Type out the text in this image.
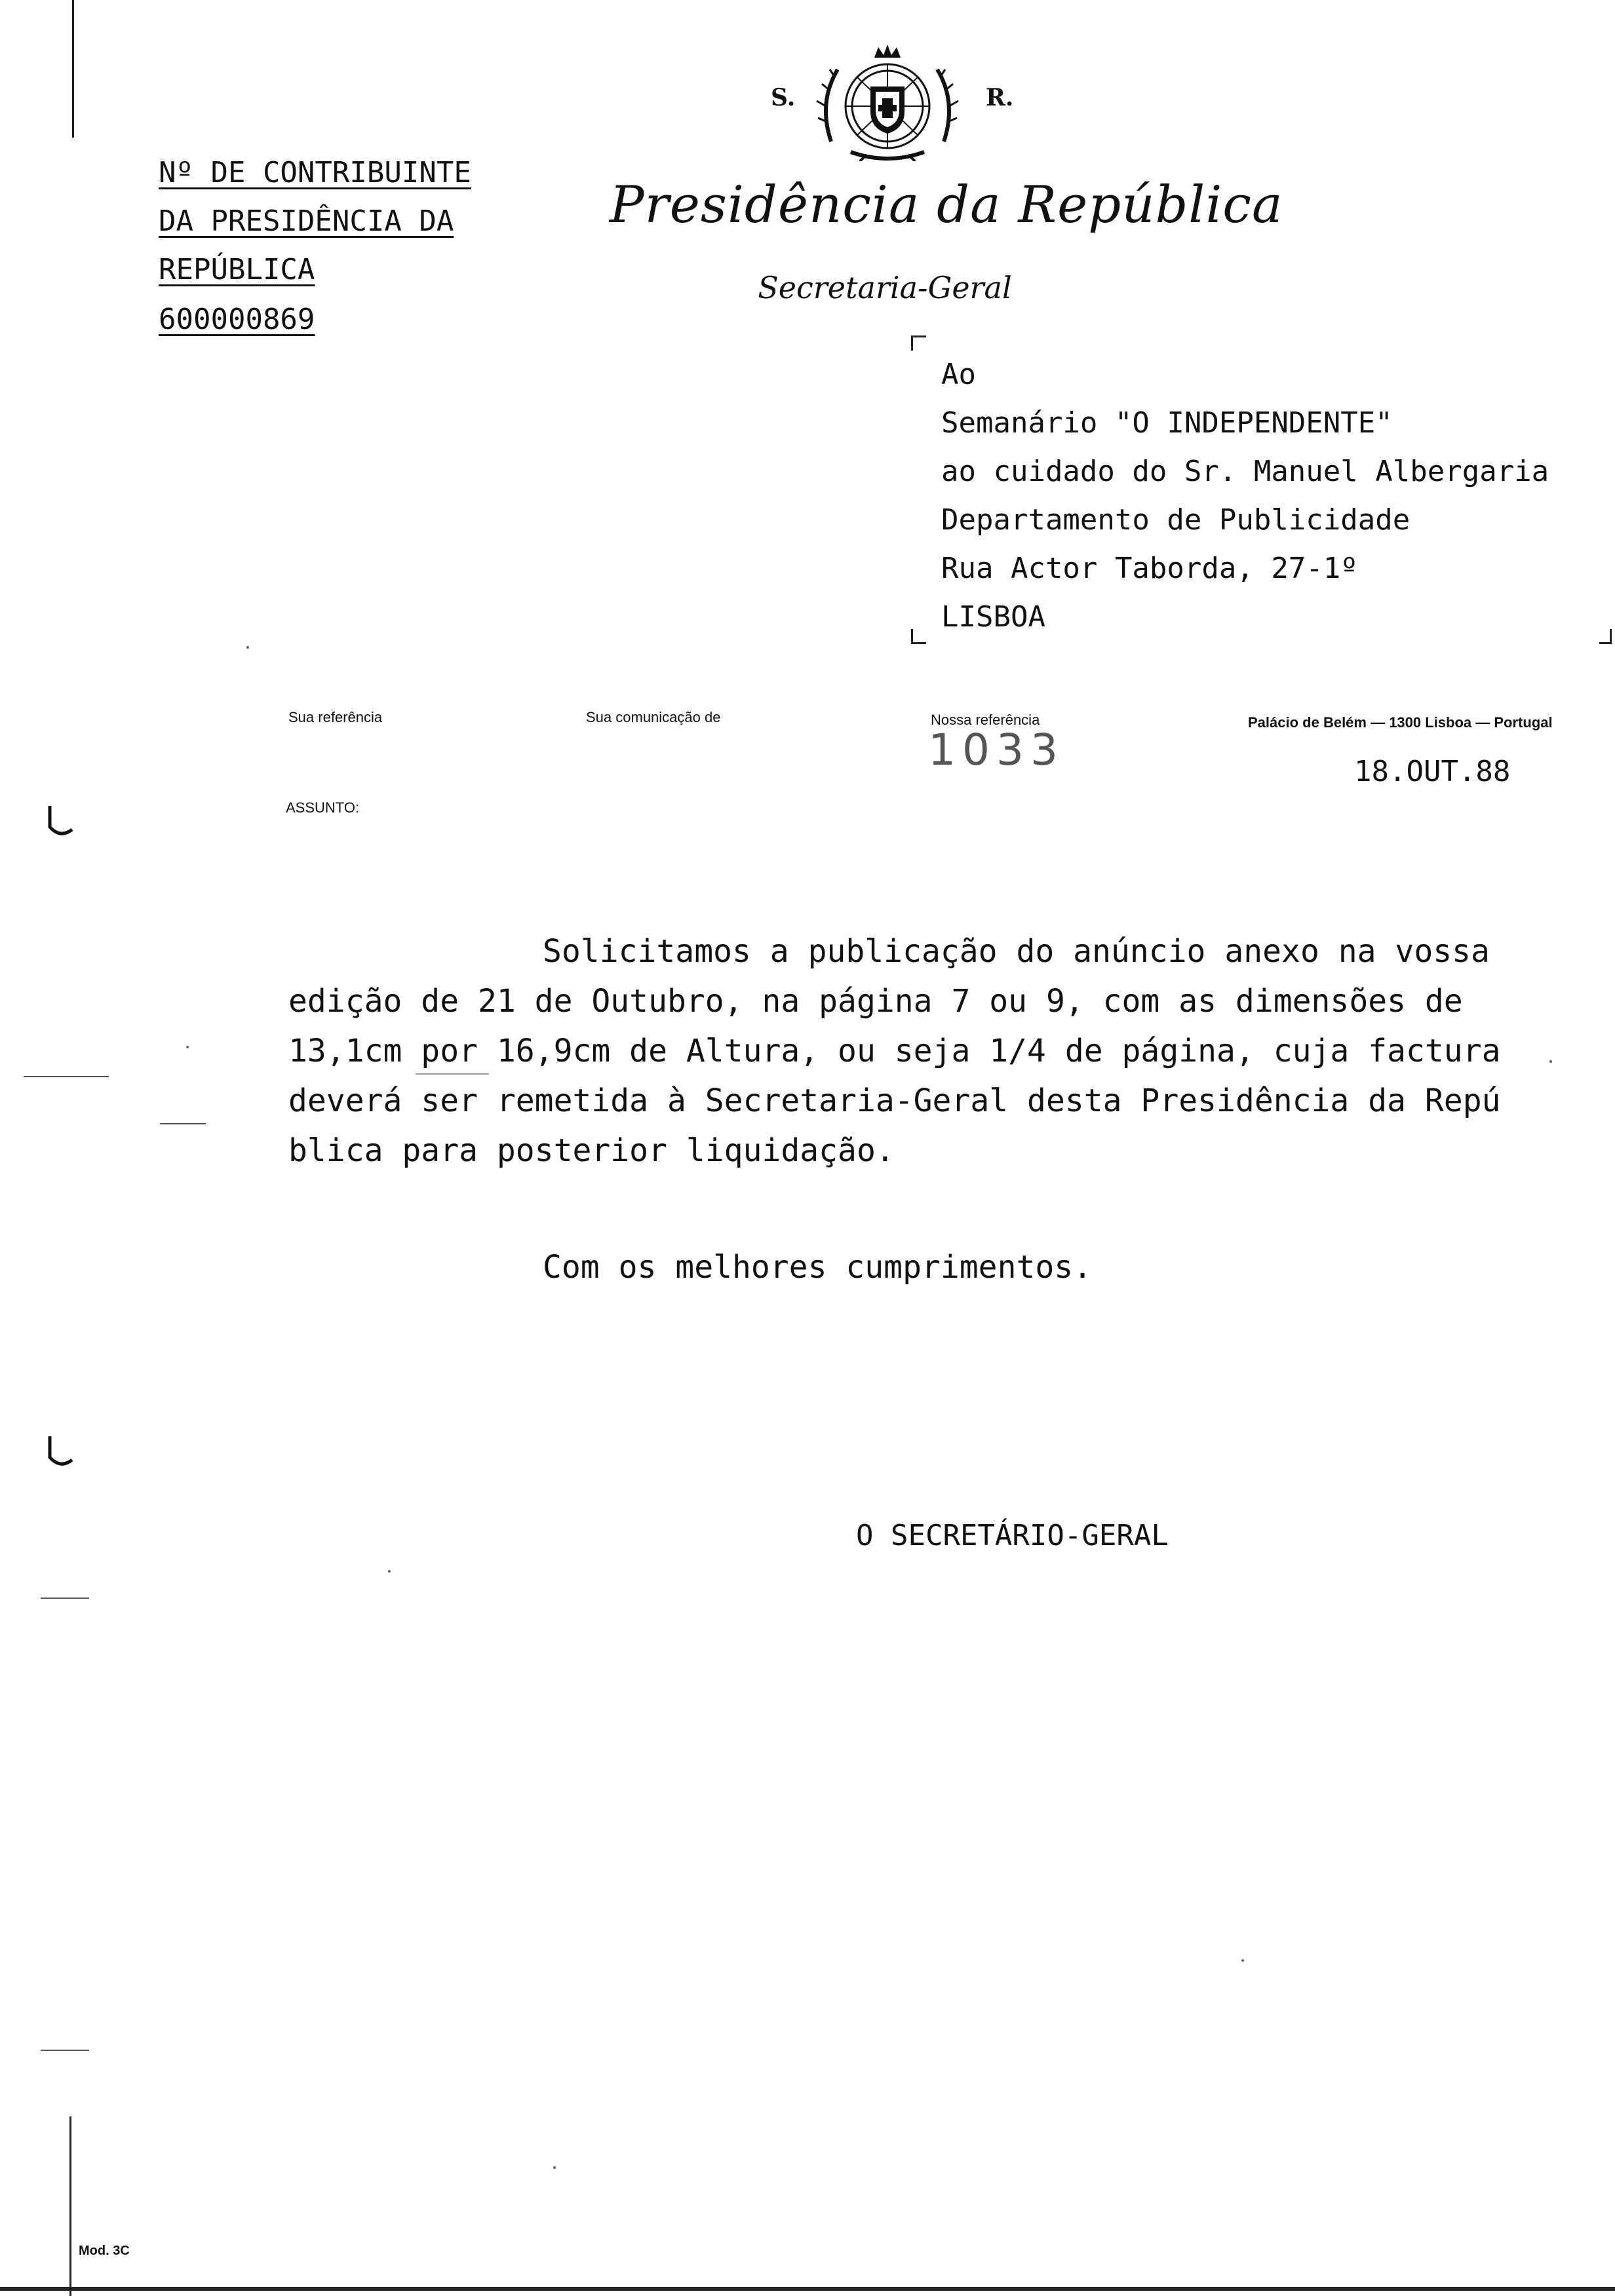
Nº DE CONTRIBUINTE
DA PRESIDÊNCIA DA
REPÚBLICA
600000869
S.	R.
Presidência da República
Secretaria-Geral
Ao
Semanário "O INDEPENDENTE"
ao cuidado do Sr. Manuel Albergaria
Departamento de Publicidade
Rua Actor Taborda, 27-1º
LISBOA
Sua referência	Sua comunicação de	Nossa referência
1033
Palácio de Belém — 1300 Lisboa — Portugal
18.OUT.88
ASSUNTO:
Solicitamos a publicação do anúncio anexo na vossa
edição de 21 de Outubro, na página 7 ou 9, com as dimensões de
13,1cm por 16,9cm de Altura, ou seja 1/4 de página, cuja factura
deverá ser remetida à Secretaria-Geral desta Presidência da Repú
blica para posterior liquidação.
Com os melhores cumprimentos.
O SECRETÁRIO-GERAL
Mod. 3C
